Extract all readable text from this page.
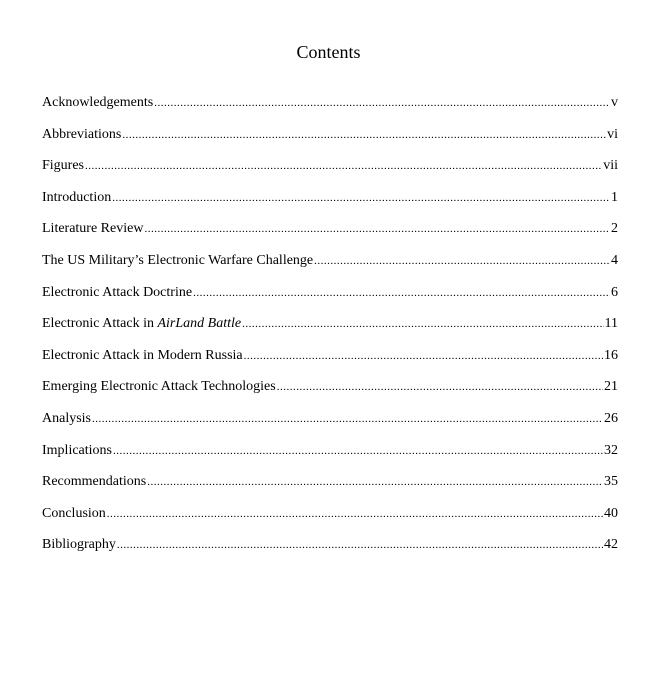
Contents
Acknowledgements .....	v
Abbreviations .....	vi
Figures .....	vii
Introduction .....	1
Literature Review .....	2
The US Military’s Electronic Warfare Challenge .....	4
Electronic Attack Doctrine .....	6
Electronic Attack in AirLand Battle .....	11
Electronic Attack in Modern Russia .....	16
Emerging Electronic Attack Technologies .....	21
Analysis .....	26
Implications .....	32
Recommendations .....	35
Conclusion .....	40
Bibliography .....	42
